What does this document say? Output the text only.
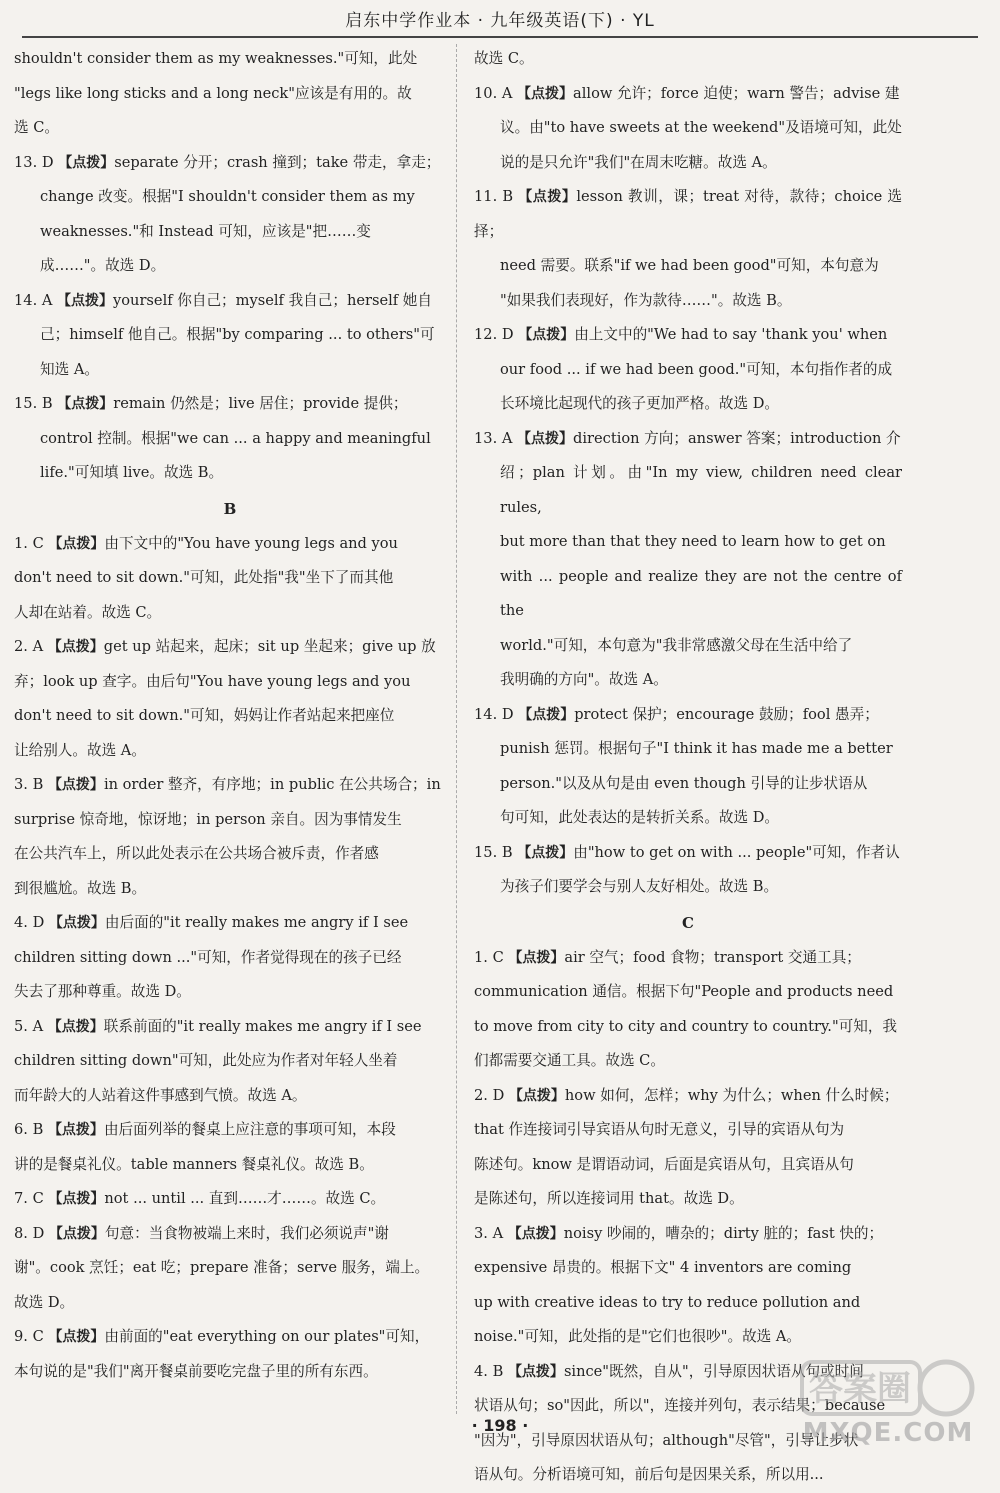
启东中学作业本 · 九年级英语(下) · YL
shouldn't consider them as my weaknesses."可知，此处
"legs like long sticks and a long neck"应该是有用的。故
选 C。
13. D 【点拨】separate 分开；crash 撞到；take 带走，拿走；
change 改变。根据"I shouldn't consider them as my
weaknesses."和 Instead 可知，应该是"把……变
成……"。故选 D。
14. A 【点拨】yourself 你自己；myself 我自己；herself 她自
己；himself 他自己。根据"by comparing ... to others"可
知选 A。
15. B 【点拨】remain 仍然是；live 居住；provide 提供；
control 控制。根据"we can ... a happy and meaningful
life."可知填 live。故选 B。
B
1. C 【点拨】由下文中的"You have young legs and you
don't need to sit down."可知，此处指"我"坐下了而其他
人却在站着。故选 C。
2. A 【点拨】get up 站起来，起床；sit up 坐起来；give up 放
弃；look up 查字。由后句"You have young legs and you
don't need to sit down."可知，妈妈让作者站起来把座位
让给别人。故选 A。
3. B 【点拨】in order 整齐，有序地；in public 在公共场合；in
surprise 惊奇地，惊讶地；in person 亲自。因为事情发生
在公共汽车上，所以此处表示在公共场合被斥责，作者感
到很尴尬。故选 B。
4. D 【点拨】由后面的"it really makes me angry if I see
children sitting down ..."可知，作者觉得现在的孩子已经
失去了那种尊重。故选 D。
5. A 【点拨】联系前面的"it really makes me angry if I see
children sitting down"可知，此处应为作者对年轻人坐着
而年龄大的人站着这件事感到气愤。故选 A。
6. B 【点拨】由后面列举的餐桌上应注意的事项可知，本段
讲的是餐桌礼仪。table manners 餐桌礼仪。故选 B。
7. C 【点拨】not ... until ... 直到……才……。故选 C。
8. D 【点拨】句意：当食物被端上来时，我们必须说声"谢
谢"。cook 烹饪；eat 吃；prepare 准备；serve 服务，端上。
故选 D。
9. C 【点拨】由前面的"eat everything on our plates"可知，
本句说的是"我们"离开餐桌前要吃完盘子里的所有东西。
故选 C。
10. A 【点拨】allow 允许；force 迫使；warn 警告；advise 建
议。由"to have sweets at the weekend"及语境可知，此处
说的是只允许"我们"在周末吃糖。故选 A。
11. B 【点拨】lesson 教训，课；treat 对待，款待；choice 选择；
need 需要。联系"if we had been good"可知，本句意为
"如果我们表现好，作为款待……"。故选 B。
12. D 【点拨】由上文中的"We had to say 'thank you' when
our food ... if we had been good."可知，本句指作者的成
长环境比起现代的孩子更加严格。故选 D。
13. A 【点拨】direction 方向；answer 答案；introduction 介
绍；plan 计划。由"In my view, children need clear rules,
but more than that they need to learn how to get on
with ... people and realize they are not the centre of the
world."可知，本句意为"我非常感激父母在生活中给了
我明确的方向"。故选 A。
14. D 【点拨】protect 保护；encourage 鼓励；fool 愚弄；
punish 惩罚。根据句子"I think it has made me a better
person."以及从句是由 even though 引导的让步状语从
句可知，此处表达的是转折关系。故选 D。
15. B 【点拨】由"how to get on with ... people"可知，作者认
为孩子们要学会与别人友好相处。故选 B。
C
1. C 【点拨】air 空气；food 食物；transport 交通工具；
communication 通信。根据下句"People and products need
to move from city to city and country to country."可知，我
们都需要交通工具。故选 C。
2. D 【点拨】how 如何，怎样；why 为什么；when 什么时候；
that 作连接词引导宾语从句时无意义，引导的宾语从句为
陈述句。know 是谓语动词，后面是宾语从句，且宾语从句
是陈述句，所以连接词用 that。故选 D。
3. A 【点拨】noisy 吵闹的，嘈杂的；dirty 脏的；fast 快的；
expensive 昂贵的。根据下文" 4 inventors are coming
up with creative ideas to try to reduce pollution and
noise."可知，此处指的是"它们也很吵"。故选 A。
4. B 【点拨】since"既然，自从"，引导原因状语从句或时间
状语从句；so"因此，所以"，连接并列句，表示结果；because
"因为"，引导原因状语从句；although"尽管"，引导让步状
语从句。分析语境可知，前后句是因果关系，所以用...
· 198 ·
答案圈
MXQE.COM
